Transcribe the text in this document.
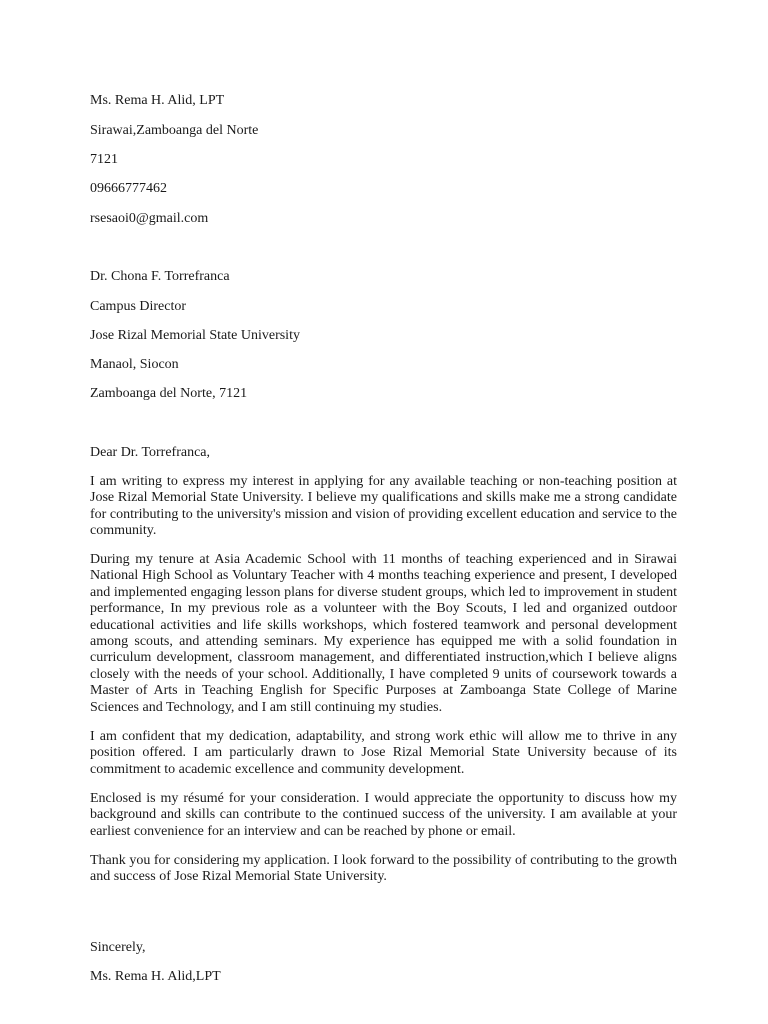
Ms. Rema H. Alid, LPT
Sirawai,Zamboanga del Norte
7121
09666777462
rsesaoi0@gmail.com
Dr. Chona F. Torrefranca
Campus Director
Jose Rizal Memorial State University
Manaol, Siocon
Zamboanga del Norte, 7121
Dear Dr. Torrefranca,
I am writing to express my interest in applying for any available teaching or non-teaching position at Jose Rizal Memorial State University. I believe my qualifications and skills make me a strong candidate for contributing to the university's mission and vision of providing excellent education and service to the community.
During my tenure at Asia Academic School with 11 months of teaching experienced and in Sirawai National High School as Voluntary Teacher with 4 months teaching experience and present, I developed and implemented engaging lesson plans for diverse student groups, which led to improvement in student performance, In my previous role as a volunteer with the Boy Scouts, I led and organized outdoor educational activities and life skills workshops, which fostered teamwork and personal development among scouts, and attending seminars. My experience has equipped me with a solid foundation in curriculum development, classroom management, and differentiated instruction,which I believe aligns closely with the needs of your school. Additionally, I have completed 9 units of coursework towards a Master of Arts in Teaching English for Specific Purposes at Zamboanga State College of Marine Sciences and Technology, and I am still continuing my studies.
I am confident that my dedication, adaptability, and strong work ethic will allow me to thrive in any position offered. I am particularly drawn to Jose Rizal Memorial State University because of its commitment to academic excellence and community development.
Enclosed is my résumé for your consideration. I would appreciate the opportunity to discuss how my background and skills can contribute to the continued success of the university. I am available at your earliest convenience for an interview and can be reached by phone or email.
Thank you for considering my application. I look forward to the possibility of contributing to the growth and success of Jose Rizal Memorial State University.
Sincerely,
Ms. Rema H. Alid,LPT
